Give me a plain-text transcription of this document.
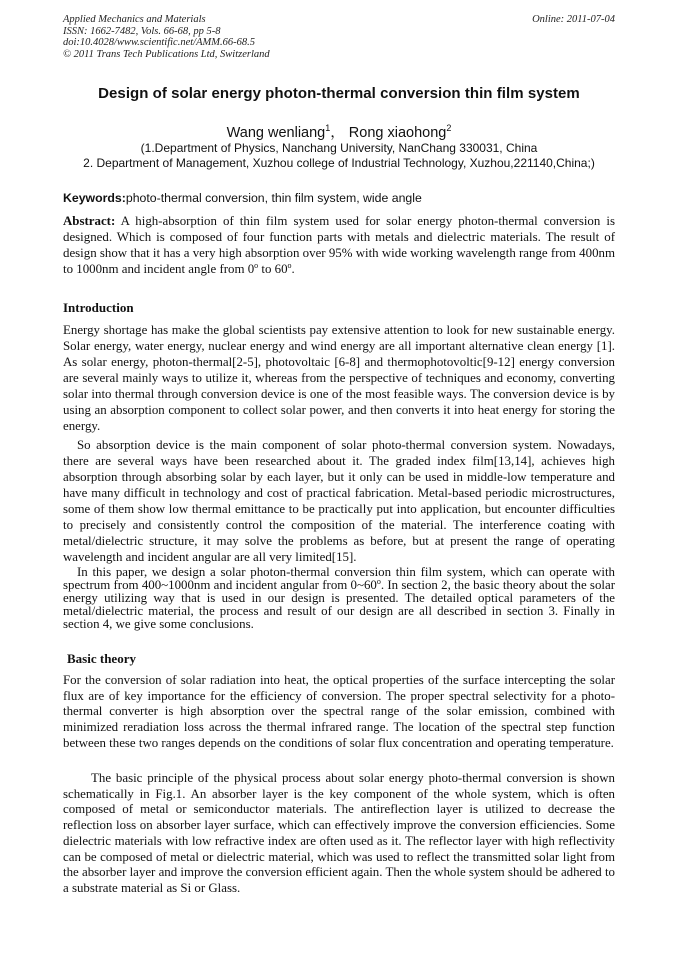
Applied Mechanics and Materials
ISSN: 1662-7482, Vols. 66-68, pp 5-8
doi:10.4028/www.scientific.net/AMM.66-68.5
© 2011 Trans Tech Publications Ltd, Switzerland
Online: 2011-07-04
Design of solar energy photon-thermal conversion thin film system
Wang wenliang$^1$， Rong xiaohong$^2$
(1.Department of Physics, Nanchang University, NanChang 330031, China
2. Department of Management, Xuzhou college of Industrial Technology, Xuzhou,221140,China;)
Keywords:photo-thermal conversion, thin film system, wide angle
Abstract: A high-absorption of thin film system used for solar energy photon-thermal conversion is designed. Which is composed of four function parts with metals and dielectric materials. The result of design show that it has a very high absorption over 95% with wide working wavelength range from 400nm to 1000nm and incident angle from 0$^o$ to 60$^o$.
Introduction
Energy shortage has make the global scientists pay extensive attention to look for new sustainable energy. Solar energy, water energy, nuclear energy and wind energy are all important alternative clean energy [1]. As solar energy, photon-thermal[2-5], photovoltaic [6-8] and thermophotovoltic[9-12] energy conversion are several mainly ways to utilize it, whereas from the perspective of techniques and economy, converting solar into thermal through conversion device is one of the most feasible ways. The conversion device is by using an absorption component to collect solar power, and then converts it into heat energy for storing the energy.
So absorption device is the main component of solar photo-thermal conversion system. Nowadays, there are several ways have been researched about it. The graded index film[13,14], achieves high absorption through absorbing solar by each layer, but it only can be used in middle-low temperature and have many difficult in technology and cost of practical fabrication. Metal-based periodic microstructures, some of them show low thermal emittance to be practically put into application, but encounter difficulties to precisely and consistently control the composition of the material. The interference coating with metal/dielectric structure, it may solve the problems as before, but at present the range of operating wavelength and incident angular are all very limited[15].
In this paper, we design a solar photon-thermal conversion thin film system, which can operate with spectrum from 400~1000nm and incident angular from 0~60$^o$. In section 2, the basic theory about the solar energy utilizing way that is used in our design is presented. The detailed optical parameters of the metal/dielectric material, the process and result of our design are all described in section 3. Finally in section 4, we give some conclusions.
Basic theory
For the conversion of solar radiation into heat, the optical properties of the surface intercepting the solar flux are of key importance for the efficiency of conversion. The proper spectral selectivity for a photo-thermal converter is high absorption over the spectral range of the solar emission, combined with minimized reradiation loss across the thermal infrared range. The location of the spectral step function between these two ranges depends on the conditions of solar flux concentration and operating temperature.
The basic principle of the physical process about solar energy photo-thermal conversion is shown schematically in Fig.1. An absorber layer is the key component of the whole system, which is often composed of metal or semiconductor materials. The antireflection layer is utilized to decrease the reflection loss on absorber layer surface, which can effectively improve the conversion efficiencies. Some dielectric materials with low refractive index are often used as it. The reflector layer with high reflectivity can be composed of metal or dielectric material, which was used to reflect the transmitted solar light from the absorber layer and improve the conversion efficient again. Then the whole system should be adhered to a substrate material as Si or Glass.
